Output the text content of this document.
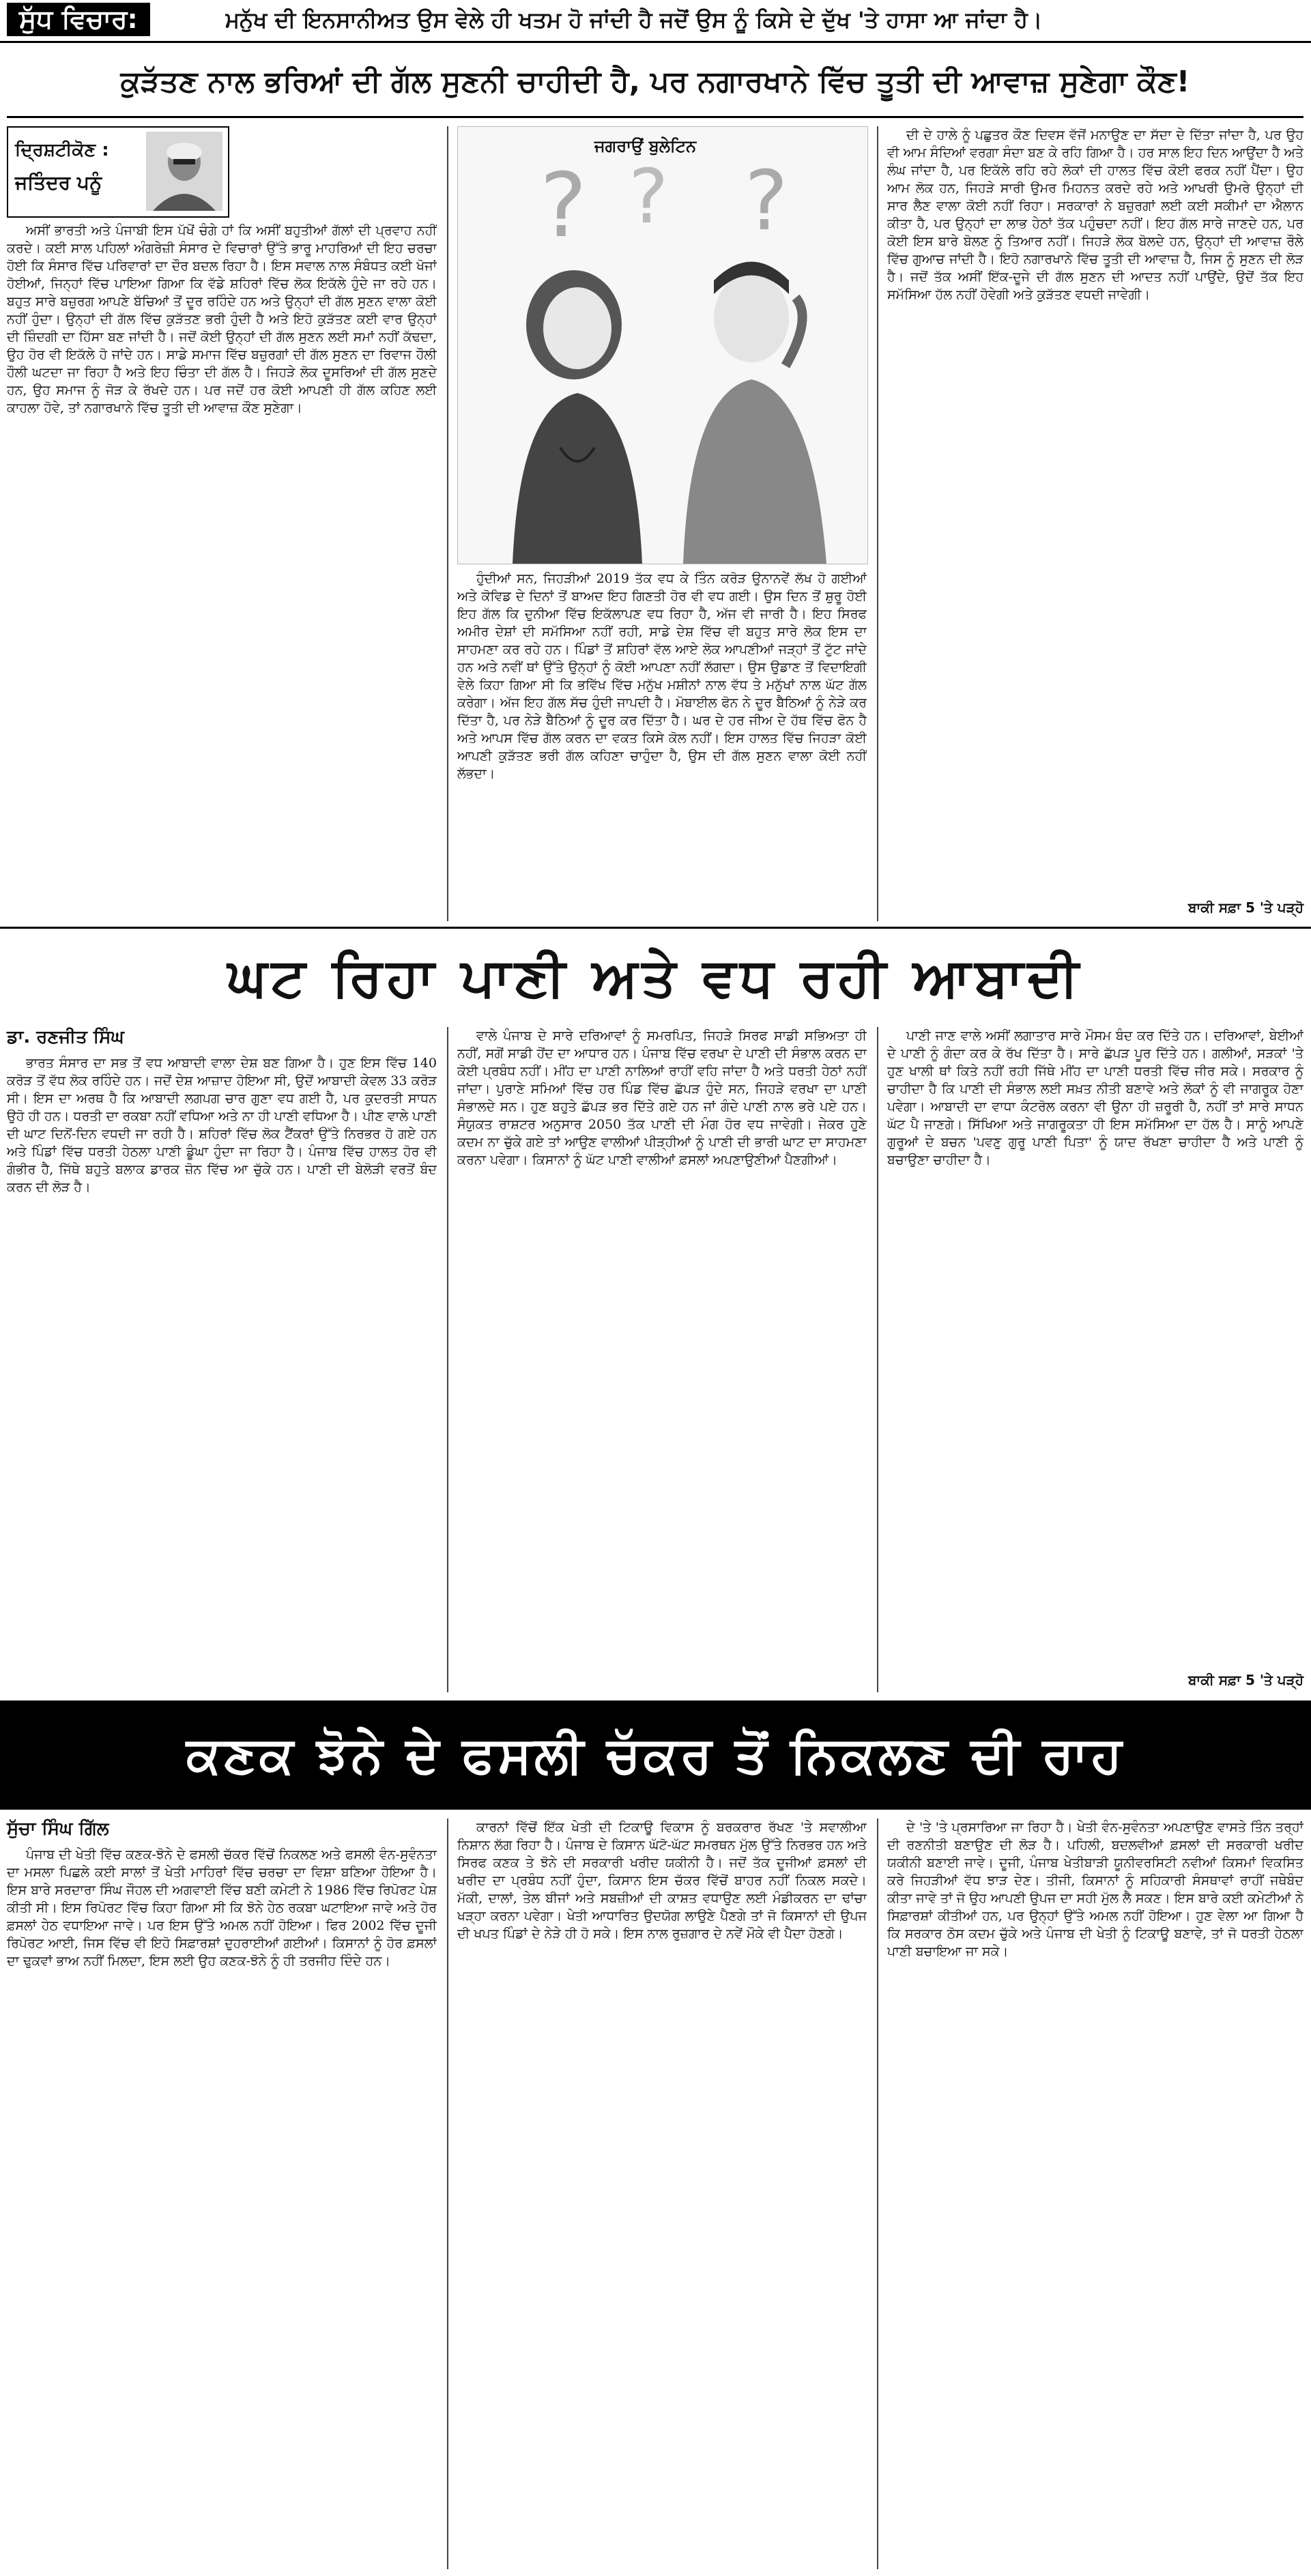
ਸੁੱਧ ਵਿਚਾਰ:	ਮਨੁੱਖ ਦੀ ਇਨਸਾਨੀਅਤ ਉਸ ਵੇਲੇ ਹੀ ਖਤਮ ਹੋ ਜਾਂਦੀ ਹੈ ਜਦੋਂ ਉਸ ਨੂੰ ਕਿਸੇ ਦੇ ਦੁੱਖ 'ਤੇ ਹਾਸਾ ਆ ਜਾਂਦਾ ਹੈ।
ਕੁੜੱਤਣ ਨਾਲ ਭਰਿਆਂ ਦੀ ਗੱਲ ਸੁਣਨੀ ਚਾਹੀਦੀ ਹੈ, ਪਰ ਨਗਾਰਖਾਨੇ ਵਿੱਚ ਤੂਤੀ ਦੀ ਆਵਾਜ਼ ਸੁਣੇਗਾ ਕੌਣ!
ਦ੍ਰਿਸ਼ਟੀਕੋਣ :
ਜਤਿੰਦਰ ਪਨੂੰ

ਅਸੀਂ ਭਾਰਤੀ ਅਤੇ ਪੰਜਾਬੀ ਇਸ ਪੱਖੋਂ ਚੰਗੇ ਹਾਂ ਕਿ ਅਸੀਂ ਬਹੁਤੀਆਂ ਗੱਲਾਂ ਦੀ ਪ੍ਰਵਾਹ ਨਹੀਂ ਕਰਦੇ। ਕਈ ਸਾਲ ਪਹਿਲਾਂ ਅੰਗਰੇਜ਼ੀ ਸੰਸਾਰ ਦੇ ਵਿਚਾਰਾਂ ਉੱਤੇ ਭਾਰੂ ਮਾਹਰਿਆਂ ਦੀ ਇਹ ਚਰਚਾ ਹੋਈ ਕਿ ਸੰਸਾਰ ਵਿੱਚ ਪਰਿਵਾਰਾਂ ਦਾ ਦੌਰ ਬਦਲ ਰਿਹਾ ਹੈ। ਇਸ ਸਵਾਲ ਨਾਲ ਸੰਬੰਧਤ ਕਈ ਖੋਜਾਂ ਹੋਈਆਂ, ਜਿਨ੍ਹਾਂ ਵਿੱਚ ਪਾਇਆ ਗਿਆ ਕਿ ਵੱਡੇ ਸ਼ਹਿਰਾਂ ਵਿੱਚ ਲੋਕ ਇਕੱਲੇ ਹੁੰਦੇ ਜਾ ਰਹੇ ਹਨ। ਬਹੁਤ ਸਾਰੇ ਬਜ਼ੁਰਗ ਆਪਣੇ ਬੱਚਿਆਂ ਤੋਂ ਦੂਰ ਰਹਿੰਦੇ ਹਨ ਅਤੇ ਉਨ੍ਹਾਂ ਦੀ ਗੱਲ ਸੁਣਨ ਵਾਲਾ ਕੋਈ ਨਹੀਂ ਹੁੰਦਾ। ਉਨ੍ਹਾਂ ਦੀ ਗੱਲ ਵਿੱਚ ਕੁੜੱਤਣ ਭਰੀ ਹੁੰਦੀ ਹੈ ਅਤੇ ਇਹੋ ਕੁੜੱਤਣ ਕਈ ਵਾਰ ਉਨ੍ਹਾਂ ਦੀ ਜ਼ਿੰਦਗੀ ਦਾ ਹਿੱਸਾ ਬਣ ਜਾਂਦੀ ਹੈ। ਜਦੋਂ ਕੋਈ ਉਨ੍ਹਾਂ ਦੀ ਗੱਲ ਸੁਣਨ ਲਈ ਸਮਾਂ ਨਹੀਂ ਕੱਢਦਾ, ਉਹ ਹੋਰ ਵੀ ਇਕੱਲੇ ਹੋ ਜਾਂਦੇ ਹਨ। ਸਾਡੇ ਸਮਾਜ ਵਿੱਚ ਬਜ਼ੁਰਗਾਂ ਦੀ ਗੱਲ ਸੁਣਨ ਦਾ ਰਿਵਾਜ ਹੌਲੀ ਹੌਲੀ ਘਟਦਾ ਜਾ ਰਿਹਾ ਹੈ ਅਤੇ ਇਹ ਚਿੰਤਾ ਦੀ ਗੱਲ ਹੈ। ਜਿਹੜੇ ਲੋਕ ਦੂਸਰਿਆਂ ਦੀ ਗੱਲ ਸੁਣਦੇ ਹਨ, ਉਹ ਸਮਾਜ ਨੂੰ ਜੋੜ ਕੇ ਰੱਖਦੇ ਹਨ। ਪਰ ਜਦੋਂ ਹਰ ਕੋਈ ਆਪਣੀ ਹੀ ਗੱਲ ਕਹਿਣ ਲਈ ਕਾਹਲਾ ਹੋਵੇ, ਤਾਂ ਨਗਾਰਖਾਨੇ ਵਿੱਚ ਤੂਤੀ ਦੀ ਆਵਾਜ਼ ਕੌਣ ਸੁਣੇਗਾ।

ਜਗਰਾਉਂ ਬੁਲੇਟਿਨ
? ? ?

ਹੁੰਦੀਆਂ ਸਨ, ਜਿਹੜੀਆਂ 2019 ਤੱਕ ਵਧ ਕੇ ਤਿੰਨ ਕਰੋੜ ਉਨਾਨਵੇਂ ਲੱਖ ਹੋ ਗਈਆਂ ਅਤੇ ਕੋਵਿਡ ਦੇ ਦਿਨਾਂ ਤੋਂ ਬਾਅਦ ਇਹ ਗਿਣਤੀ ਹੋਰ ਵੀ ਵਧ ਗਈ। ਉਸ ਦਿਨ ਤੋਂ ਸ਼ੁਰੂ ਹੋਈ ਇਹ ਗੱਲ ਕਿ ਦੁਨੀਆ ਵਿੱਚ ਇਕੱਲਾਪਣ ਵਧ ਰਿਹਾ ਹੈ, ਅੱਜ ਵੀ ਜਾਰੀ ਹੈ। ਇਹ ਸਿਰਫ ਅਮੀਰ ਦੇਸ਼ਾਂ ਦੀ ਸਮੱਸਿਆ ਨਹੀਂ ਰਹੀ, ਸਾਡੇ ਦੇਸ਼ ਵਿੱਚ ਵੀ ਬਹੁਤ ਸਾਰੇ ਲੋਕ ਇਸ ਦਾ ਸਾਹਮਣਾ ਕਰ ਰਹੇ ਹਨ। ਪਿੰਡਾਂ ਤੋਂ ਸ਼ਹਿਰਾਂ ਵੱਲ ਆਏ ਲੋਕ ਆਪਣੀਆਂ ਜੜ੍ਹਾਂ ਤੋਂ ਟੁੱਟ ਜਾਂਦੇ ਹਨ ਅਤੇ ਨਵੀਂ ਥਾਂ ਉੱਤੇ ਉਨ੍ਹਾਂ ਨੂੰ ਕੋਈ ਆਪਣਾ ਨਹੀਂ ਲੱਗਦਾ। ਉਸ ਉਡਾਣ ਤੋਂ ਵਿਦਾਇਗੀ ਵੇਲੇ ਕਿਹਾ ਗਿਆ ਸੀ ਕਿ ਭਵਿੱਖ ਵਿੱਚ ਮਨੁੱਖ ਮਸ਼ੀਨਾਂ ਨਾਲ ਵੱਧ ਤੇ ਮਨੁੱਖਾਂ ਨਾਲ ਘੱਟ ਗੱਲ ਕਰੇਗਾ। ਅੱਜ ਇਹ ਗੱਲ ਸੱਚ ਹੁੰਦੀ ਜਾਪਦੀ ਹੈ। ਮੋਬਾਈਲ ਫੋਨ ਨੇ ਦੂਰ ਬੈਠਿਆਂ ਨੂੰ ਨੇੜੇ ਕਰ ਦਿੱਤਾ ਹੈ, ਪਰ ਨੇੜੇ ਬੈਠਿਆਂ ਨੂੰ ਦੂਰ ਕਰ ਦਿੱਤਾ ਹੈ। ਘਰ ਦੇ ਹਰ ਜੀਅ ਦੇ ਹੱਥ ਵਿੱਚ ਫੋਨ ਹੈ ਅਤੇ ਆਪਸ ਵਿੱਚ ਗੱਲ ਕਰਨ ਦਾ ਵਕਤ ਕਿਸੇ ਕੋਲ ਨਹੀਂ। ਇਸ ਹਾਲਤ ਵਿੱਚ ਜਿਹੜਾ ਕੋਈ ਆਪਣੀ ਕੁੜੱਤਣ ਭਰੀ ਗੱਲ ਕਹਿਣਾ ਚਾਹੁੰਦਾ ਹੈ, ਉਸ ਦੀ ਗੱਲ ਸੁਣਨ ਵਾਲਾ ਕੋਈ ਨਹੀਂ ਲੱਭਦਾ।

ਦੀ ਦੇ ਹਾਲੇ ਨੂੰ ਪਛੁਤਰ ਕੌਣ ਦਿਵਸ ਵੱਜੋਂ ਮਨਾਉਣ ਦਾ ਸੱਦਾ ਦੇ ਦਿੱਤਾ ਜਾਂਦਾ ਹੈ, ਪਰ ਉਹ ਵੀ ਆਮ ਸੰਦਿਆਂ ਵਰਗਾ ਸੰਦਾ ਬਣ ਕੇ ਰਹਿ ਗਿਆ ਹੈ। ਹਰ ਸਾਲ ਇਹ ਦਿਨ ਆਉਂਦਾ ਹੈ ਅਤੇ ਲੰਘ ਜਾਂਦਾ ਹੈ, ਪਰ ਇਕੱਲੇ ਰਹਿ ਰਹੇ ਲੋਕਾਂ ਦੀ ਹਾਲਤ ਵਿੱਚ ਕੋਈ ਫਰਕ ਨਹੀਂ ਪੈਂਦਾ। ਉਹ ਆਮ ਲੋਕ ਹਨ, ਜਿਹੜੇ ਸਾਰੀ ਉਮਰ ਮਿਹਨਤ ਕਰਦੇ ਰਹੇ ਅਤੇ ਆਖਰੀ ਉਮਰੇ ਉਨ੍ਹਾਂ ਦੀ ਸਾਰ ਲੈਣ ਵਾਲਾ ਕੋਈ ਨਹੀਂ ਰਿਹਾ। ਸਰਕਾਰਾਂ ਨੇ ਬਜ਼ੁਰਗਾਂ ਲਈ ਕਈ ਸਕੀਮਾਂ ਦਾ ਐਲਾਨ ਕੀਤਾ ਹੈ, ਪਰ ਉਨ੍ਹਾਂ ਦਾ ਲਾਭ ਹੇਠਾਂ ਤੱਕ ਪਹੁੰਚਦਾ ਨਹੀਂ। ਇਹ ਗੱਲ ਸਾਰੇ ਜਾਣਦੇ ਹਨ, ਪਰ ਕੋਈ ਇਸ ਬਾਰੇ ਬੋਲਣ ਨੂੰ ਤਿਆਰ ਨਹੀਂ। ਜਿਹੜੇ ਲੋਕ ਬੋਲਦੇ ਹਨ, ਉਨ੍ਹਾਂ ਦੀ ਆਵਾਜ਼ ਰੌਲੇ ਵਿੱਚ ਗੁਆਚ ਜਾਂਦੀ ਹੈ। ਇਹੋ ਨਗਾਰਖਾਨੇ ਵਿੱਚ ਤੂਤੀ ਦੀ ਆਵਾਜ਼ ਹੈ, ਜਿਸ ਨੂੰ ਸੁਣਨ ਦੀ ਲੋੜ ਹੈ। ਜਦੋਂ ਤੱਕ ਅਸੀਂ ਇੱਕ-ਦੂਜੇ ਦੀ ਗੱਲ ਸੁਣਨ ਦੀ ਆਦਤ ਨਹੀਂ ਪਾਉਂਦੇ, ਉਦੋਂ ਤੱਕ ਇਹ ਸਮੱਸਿਆ ਹੱਲ ਨਹੀਂ ਹੋਵੇਗੀ ਅਤੇ ਕੁੜੱਤਣ ਵਧਦੀ ਜਾਵੇਗੀ।

ਬਾਕੀ ਸਫ਼ਾ 5 'ਤੇ ਪੜ੍ਹੋ
ਘਟ ਰਿਹਾ ਪਾਣੀ ਅਤੇ ਵਧ ਰਹੀ ਆਬਾਦੀ
ਡਾ. ਰਣਜੀਤ ਸਿੰਘ

ਭਾਰਤ ਸੰਸਾਰ ਦਾ ਸਭ ਤੋਂ ਵਧ ਆਬਾਦੀ ਵਾਲਾ ਦੇਸ਼ ਬਣ ਗਿਆ ਹੈ। ਹੁਣ ਇਸ ਵਿੱਚ 140 ਕਰੋੜ ਤੋਂ ਵੱਧ ਲੋਕ ਰਹਿੰਦੇ ਹਨ। ਜਦੋਂ ਦੇਸ਼ ਆਜ਼ਾਦ ਹੋਇਆ ਸੀ, ਉਦੋਂ ਆਬਾਦੀ ਕੇਵਲ 33 ਕਰੋੜ ਸੀ। ਇਸ ਦਾ ਅਰਥ ਹੈ ਕਿ ਆਬਾਦੀ ਲਗਪਗ ਚਾਰ ਗੁਣਾ ਵਧ ਗਈ ਹੈ, ਪਰ ਕੁਦਰਤੀ ਸਾਧਨ ਉਹੋ ਹੀ ਹਨ। ਧਰਤੀ ਦਾ ਰਕਬਾ ਨਹੀਂ ਵਧਿਆ ਅਤੇ ਨਾ ਹੀ ਪਾਣੀ ਵਧਿਆ ਹੈ। ਪੀਣ ਵਾਲੇ ਪਾਣੀ ਦੀ ਘਾਟ ਦਿਨੋਂ-ਦਿਨ ਵਧਦੀ ਜਾ ਰਹੀ ਹੈ। ਸ਼ਹਿਰਾਂ ਵਿੱਚ ਲੋਕ ਟੈਂਕਰਾਂ ਉੱਤੇ ਨਿਰਭਰ ਹੋ ਗਏ ਹਨ ਅਤੇ ਪਿੰਡਾਂ ਵਿੱਚ ਧਰਤੀ ਹੇਠਲਾ ਪਾਣੀ ਡੂੰਘਾ ਹੁੰਦਾ ਜਾ ਰਿਹਾ ਹੈ। ਪੰਜਾਬ ਵਿੱਚ ਹਾਲਤ ਹੋਰ ਵੀ ਗੰਭੀਰ ਹੈ, ਜਿੱਥੇ ਬਹੁਤੇ ਬਲਾਕ ਡਾਰਕ ਜ਼ੋਨ ਵਿੱਚ ਆ ਚੁੱਕੇ ਹਨ। ਪਾਣੀ ਦੀ ਬੇਲੋੜੀ ਵਰਤੋਂ ਬੰਦ ਕਰਨ ਦੀ ਲੋੜ ਹੈ।

ਵਾਲੇ ਪੰਜਾਬ ਦੇ ਸਾਰੇ ਦਰਿਆਵਾਂ ਨੂੰ ਸਮਰਪਿਤ, ਜਿਹੜੇ ਸਿਰਫ ਸਾਡੀ ਸਭਿਅਤਾ ਹੀ ਨਹੀਂ, ਸਗੋਂ ਸਾਡੀ ਹੋਂਦ ਦਾ ਆਧਾਰ ਹਨ। ਪੰਜਾਬ ਵਿੱਚ ਵਰਖਾ ਦੇ ਪਾਣੀ ਦੀ ਸੰਭਾਲ ਕਰਨ ਦਾ ਕੋਈ ਪ੍ਰਬੰਧ ਨਹੀਂ। ਮੀਂਹ ਦਾ ਪਾਣੀ ਨਾਲਿਆਂ ਰਾਹੀਂ ਵਹਿ ਜਾਂਦਾ ਹੈ ਅਤੇ ਧਰਤੀ ਹੇਠਾਂ ਨਹੀਂ ਜਾਂਦਾ। ਪੁਰਾਣੇ ਸਮਿਆਂ ਵਿੱਚ ਹਰ ਪਿੰਡ ਵਿੱਚ ਛੱਪੜ ਹੁੰਦੇ ਸਨ, ਜਿਹੜੇ ਵਰਖਾ ਦਾ ਪਾਣੀ ਸੰਭਾਲਦੇ ਸਨ। ਹੁਣ ਬਹੁਤੇ ਛੱਪੜ ਭਰ ਦਿੱਤੇ ਗਏ ਹਨ ਜਾਂ ਗੰਦੇ ਪਾਣੀ ਨਾਲ ਭਰੇ ਪਏ ਹਨ। ਸੰਯੁਕਤ ਰਾਸ਼ਟਰ ਅਨੁਸਾਰ 2050 ਤੱਕ ਪਾਣੀ ਦੀ ਮੰਗ ਹੋਰ ਵਧ ਜਾਵੇਗੀ। ਜੇਕਰ ਹੁਣੇ ਕਦਮ ਨਾ ਚੁੱਕੇ ਗਏ ਤਾਂ ਆਉਣ ਵਾਲੀਆਂ ਪੀੜ੍ਹੀਆਂ ਨੂੰ ਪਾਣੀ ਦੀ ਭਾਰੀ ਘਾਟ ਦਾ ਸਾਹਮਣਾ ਕਰਨਾ ਪਵੇਗਾ। ਕਿਸਾਨਾਂ ਨੂੰ ਘੱਟ ਪਾਣੀ ਵਾਲੀਆਂ ਫ਼ਸਲਾਂ ਅਪਣਾਉਣੀਆਂ ਪੈਣਗੀਆਂ।

ਪਾਣੀ ਜਾਣ ਵਾਲੇ ਅਸੀਂ ਲਗਾਤਾਰ ਸਾਰੇ ਮੌਸਮ ਬੰਦ ਕਰ ਦਿੱਤੇ ਹਨ। ਦਰਿਆਵਾਂ, ਬੇਈਆਂ ਦੇ ਪਾਣੀ ਨੂੰ ਗੰਦਾ ਕਰ ਕੇ ਰੱਖ ਦਿੱਤਾ ਹੈ। ਸਾਰੇ ਛੱਪੜ ਪੂਰ ਦਿੱਤੇ ਹਨ। ਗਲੀਆਂ, ਸੜਕਾਂ 'ਤੇ ਹੁਣ ਖਾਲੀ ਥਾਂ ਕਿਤੇ ਨਹੀਂ ਰਹੀ ਜਿੱਥੇ ਮੀਂਹ ਦਾ ਪਾਣੀ ਧਰਤੀ ਵਿੱਚ ਜੀਰ ਸਕੇ। ਸਰਕਾਰ ਨੂੰ ਚਾਹੀਦਾ ਹੈ ਕਿ ਪਾਣੀ ਦੀ ਸੰਭਾਲ ਲਈ ਸਖ਼ਤ ਨੀਤੀ ਬਣਾਵੇ ਅਤੇ ਲੋਕਾਂ ਨੂੰ ਵੀ ਜਾਗਰੂਕ ਹੋਣਾ ਪਵੇਗਾ। ਆਬਾਦੀ ਦਾ ਵਾਧਾ ਕੰਟਰੋਲ ਕਰਨਾ ਵੀ ਉਨਾ ਹੀ ਜ਼ਰੂਰੀ ਹੈ, ਨਹੀਂ ਤਾਂ ਸਾਰੇ ਸਾਧਨ ਘੱਟ ਪੈ ਜਾਣਗੇ। ਸਿੱਖਿਆ ਅਤੇ ਜਾਗਰੂਕਤਾ ਹੀ ਇਸ ਸਮੱਸਿਆ ਦਾ ਹੱਲ ਹੈ। ਸਾਨੂੰ ਆਪਣੇ ਗੁਰੂਆਂ ਦੇ ਬਚਨ 'ਪਵਣੁ ਗੁਰੂ ਪਾਣੀ ਪਿਤਾ' ਨੂੰ ਯਾਦ ਰੱਖਣਾ ਚਾਹੀਦਾ ਹੈ ਅਤੇ ਪਾਣੀ ਨੂੰ ਬਚਾਉਣਾ ਚਾਹੀਦਾ ਹੈ।

ਬਾਕੀ ਸਫ਼ਾ 5 'ਤੇ ਪੜ੍ਹੋ
ਕਣਕ ਝੋਨੇ ਦੇ ਫਸਲੀ ਚੱਕਰ ਤੋਂ ਨਿਕਲਣ ਦੀ ਰਾਹ
ਸੁੱਚਾ ਸਿੰਘ ਗਿੱਲ

ਪੰਜਾਬ ਦੀ ਖੇਤੀ ਵਿੱਚ ਕਣਕ-ਝੋਨੇ ਦੇ ਫਸਲੀ ਚੱਕਰ ਵਿੱਚੋਂ ਨਿਕਲਣ ਅਤੇ ਫਸਲੀ ਵੰਨ-ਸੁਵੰਨਤਾ ਦਾ ਮਸਲਾ ਪਿਛਲੇ ਕਈ ਸਾਲਾਂ ਤੋਂ ਖੇਤੀ ਮਾਹਿਰਾਂ ਵਿੱਚ ਚਰਚਾ ਦਾ ਵਿਸ਼ਾ ਬਣਿਆ ਹੋਇਆ ਹੈ। ਇਸ ਬਾਰੇ ਸਰਦਾਰਾ ਸਿੰਘ ਜੌਹਲ ਦੀ ਅਗਵਾਈ ਵਿੱਚ ਬਣੀ ਕਮੇਟੀ ਨੇ 1986 ਵਿੱਚ ਰਿਪੋਰਟ ਪੇਸ਼ ਕੀਤੀ ਸੀ। ਇਸ ਰਿਪੋਰਟ ਵਿੱਚ ਕਿਹਾ ਗਿਆ ਸੀ ਕਿ ਝੋਨੇ ਹੇਠ ਰਕਬਾ ਘਟਾਇਆ ਜਾਵੇ ਅਤੇ ਹੋਰ ਫ਼ਸਲਾਂ ਹੇਠ ਵਧਾਇਆ ਜਾਵੇ। ਪਰ ਇਸ ਉੱਤੇ ਅਮਲ ਨਹੀਂ ਹੋਇਆ। ਫਿਰ 2002 ਵਿੱਚ ਦੂਜੀ ਰਿਪੋਰਟ ਆਈ, ਜਿਸ ਵਿੱਚ ਵੀ ਇਹੋ ਸਿਫ਼ਾਰਸ਼ਾਂ ਦੁਹਰਾਈਆਂ ਗਈਆਂ। ਕਿਸਾਨਾਂ ਨੂੰ ਹੋਰ ਫ਼ਸਲਾਂ ਦਾ ਢੁਕਵਾਂ ਭਾਅ ਨਹੀਂ ਮਿਲਦਾ, ਇਸ ਲਈ ਉਹ ਕਣਕ-ਝੋਨੇ ਨੂੰ ਹੀ ਤਰਜੀਹ ਦਿੰਦੇ ਹਨ।

ਕਾਰਨਾਂ ਵਿੱਚੋਂ ਇੱਕ ਖੇਤੀ ਦੀ ਟਿਕਾਊ ਵਿਕਾਸ ਨੂੰ ਬਰਕਰਾਰ ਰੱਖਣ 'ਤੇ ਸਵਾਲੀਆ ਨਿਸ਼ਾਨ ਲੱਗ ਰਿਹਾ ਹੈ। ਪੰਜਾਬ ਦੇ ਕਿਸਾਨ ਘੱਟੋ-ਘੱਟ ਸਮਰਥਨ ਮੁੱਲ ਉੱਤੇ ਨਿਰਭਰ ਹਨ ਅਤੇ ਸਿਰਫ ਕਣਕ ਤੇ ਝੋਨੇ ਦੀ ਸਰਕਾਰੀ ਖਰੀਦ ਯਕੀਨੀ ਹੈ। ਜਦੋਂ ਤੱਕ ਦੂਜੀਆਂ ਫ਼ਸਲਾਂ ਦੀ ਖਰੀਦ ਦਾ ਪ੍ਰਬੰਧ ਨਹੀਂ ਹੁੰਦਾ, ਕਿਸਾਨ ਇਸ ਚੱਕਰ ਵਿੱਚੋਂ ਬਾਹਰ ਨਹੀਂ ਨਿਕਲ ਸਕਦੇ। ਮੱਕੀ, ਦਾਲਾਂ, ਤੇਲ ਬੀਜਾਂ ਅਤੇ ਸਬਜ਼ੀਆਂ ਦੀ ਕਾਸ਼ਤ ਵਧਾਉਣ ਲਈ ਮੰਡੀਕਰਨ ਦਾ ਢਾਂਚਾ ਖੜ੍ਹਾ ਕਰਨਾ ਪਵੇਗਾ। ਖੇਤੀ ਆਧਾਰਿਤ ਉਦਯੋਗ ਲਾਉਣੇ ਪੈਣਗੇ ਤਾਂ ਜੋ ਕਿਸਾਨਾਂ ਦੀ ਉਪਜ ਦੀ ਖਪਤ ਪਿੰਡਾਂ ਦੇ ਨੇੜੇ ਹੀ ਹੋ ਸਕੇ। ਇਸ ਨਾਲ ਰੁਜ਼ਗਾਰ ਦੇ ਨਵੇਂ ਮੌਕੇ ਵੀ ਪੈਦਾ ਹੋਣਗੇ।

ਦੇ 'ਤੇ 'ਤੇ ਪ੍ਰਸਾਰਿਆ ਜਾ ਰਿਹਾ ਹੈ। ਖੇਤੀ ਵੰਨ-ਸੁਵੰਨਤਾ ਅਪਣਾਉਣ ਵਾਸਤੇ ਤਿੰਨ ਤਰ੍ਹਾਂ ਦੀ ਰਣਨੀਤੀ ਬਣਾਉਣ ਦੀ ਲੋੜ ਹੈ। ਪਹਿਲੀ, ਬਦਲਵੀਆਂ ਫ਼ਸਲਾਂ ਦੀ ਸਰਕਾਰੀ ਖਰੀਦ ਯਕੀਨੀ ਬਣਾਈ ਜਾਵੇ। ਦੂਜੀ, ਪੰਜਾਬ ਖੇਤੀਬਾੜੀ ਯੂਨੀਵਰਸਿਟੀ ਨਵੀਆਂ ਕਿਸਮਾਂ ਵਿਕਸਿਤ ਕਰੇ ਜਿਹੜੀਆਂ ਵੱਧ ਝਾੜ ਦੇਣ। ਤੀਜੀ, ਕਿਸਾਨਾਂ ਨੂੰ ਸਹਿਕਾਰੀ ਸੰਸਥਾਵਾਂ ਰਾਹੀਂ ਜਥੇਬੰਦ ਕੀਤਾ ਜਾਵੇ ਤਾਂ ਜੋ ਉਹ ਆਪਣੀ ਉਪਜ ਦਾ ਸਹੀ ਮੁੱਲ ਲੈ ਸਕਣ। ਇਸ ਬਾਰੇ ਕਈ ਕਮੇਟੀਆਂ ਨੇ ਸਿਫ਼ਾਰਸ਼ਾਂ ਕੀਤੀਆਂ ਹਨ, ਪਰ ਉਨ੍ਹਾਂ ਉੱਤੇ ਅਮਲ ਨਹੀਂ ਹੋਇਆ। ਹੁਣ ਵੇਲਾ ਆ ਗਿਆ ਹੈ ਕਿ ਸਰਕਾਰ ਠੋਸ ਕਦਮ ਚੁੱਕੇ ਅਤੇ ਪੰਜਾਬ ਦੀ ਖੇਤੀ ਨੂੰ ਟਿਕਾਊ ਬਣਾਵੇ, ਤਾਂ ਜੋ ਧਰਤੀ ਹੇਠਲਾ ਪਾਣੀ ਬਚਾਇਆ ਜਾ ਸਕੇ।
